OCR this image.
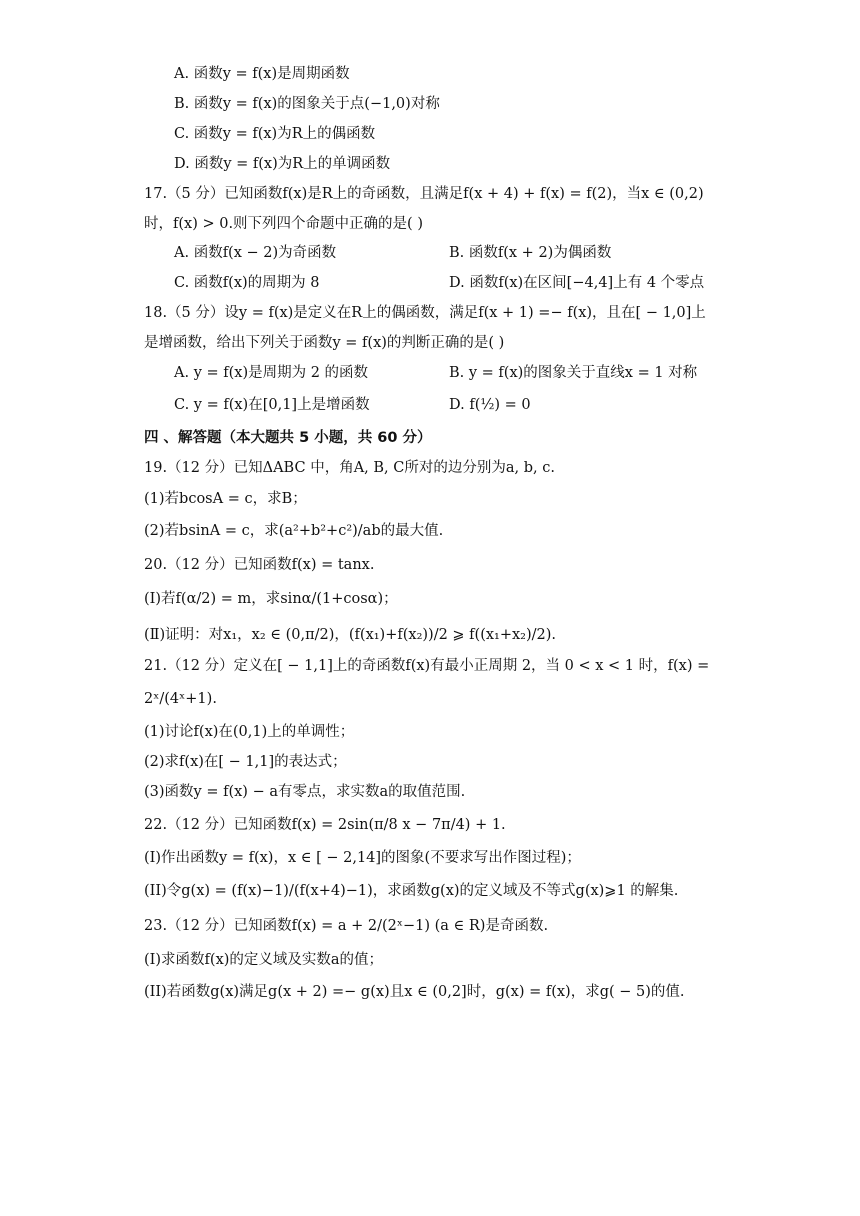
A. 函数y = f(x)是周期函数
B. 函数y = f(x)的图象关于点(−1,0)对称
C. 函数y = f(x)为R上的偶函数
D. 函数y = f(x)为R上的单调函数
17.（5 分）已知函数f(x)是R上的奇函数，且满足f(x + 4) + f(x) = f(2)，当x ∈ (0,2)
时，f(x) > 0.则下列四个命题中正确的是( )
A. 函数f(x − 2)为奇函数	B. 函数f(x + 2)为偶函数
C. 函数f(x)的周期为 8	D. 函数f(x)在区间[−4,4]上有 4 个零点
18.（5 分）设y = f(x)是定义在R上的偶函数，满足f(x + 1) =− f(x)，且在[ − 1,0]上
是增函数，给出下列关于函数y = f(x)的判断正确的是( )
A. y = f(x)是周期为 2 的函数	B. y = f(x)的图象关于直线x = 1 对称
C. y = f(x)在[0,1]上是增函数	D. f(½) = 0
四 、解答题（本大题共 5 小题，共 60 分）
19.（12 分）已知ΔABC 中，角A, B, C所对的边分别为a, b, c.
(1)若bcosA = c，求B；
(2)若bsinA = c，求(a²+b²+c²)/ab的最大值.
20.（12 分）已知函数f(x) = tanx.
(Ⅰ)若f(α/2) = m，求sinα/(1+cosα)；
(Ⅱ)证明：对x₁，x₂ ∈ (0,π/2)，(f(x₁)+f(x₂))/2 ⩾ f((x₁+x₂)/2).
21.（12 分）定义在[ − 1,1]上的奇函数f(x)有最小正周期 2，当 0 < x < 1 时，f(x) =
2ˣ/(4ˣ+1).
(1)讨论f(x)在(0,1)上的单调性；
(2)求f(x)在[ − 1,1]的表达式；
(3)函数y = f(x) − a有零点，求实数a的取值范围.
22.（12 分）已知函数f(x) = 2sin(π/8 x − 7π/4) + 1.
(I)作出函数y = f(x)，x ∈ [ − 2,14]的图象(不要求写出作图过程)；
(II)令g(x) = (f(x)−1)/(f(x+4)−1)，求函数g(x)的定义域及不等式g(x)⩾1 的解集.
23.（12 分）已知函数f(x) = a + 2/(2ˣ−1) (a ∈ R)是奇函数.
(I)求函数f(x)的定义域及实数a的值；
(II)若函数g(x)满足g(x + 2) =− g(x)且x ∈ (0,2]时，g(x) = f(x)，求g( − 5)的值.
